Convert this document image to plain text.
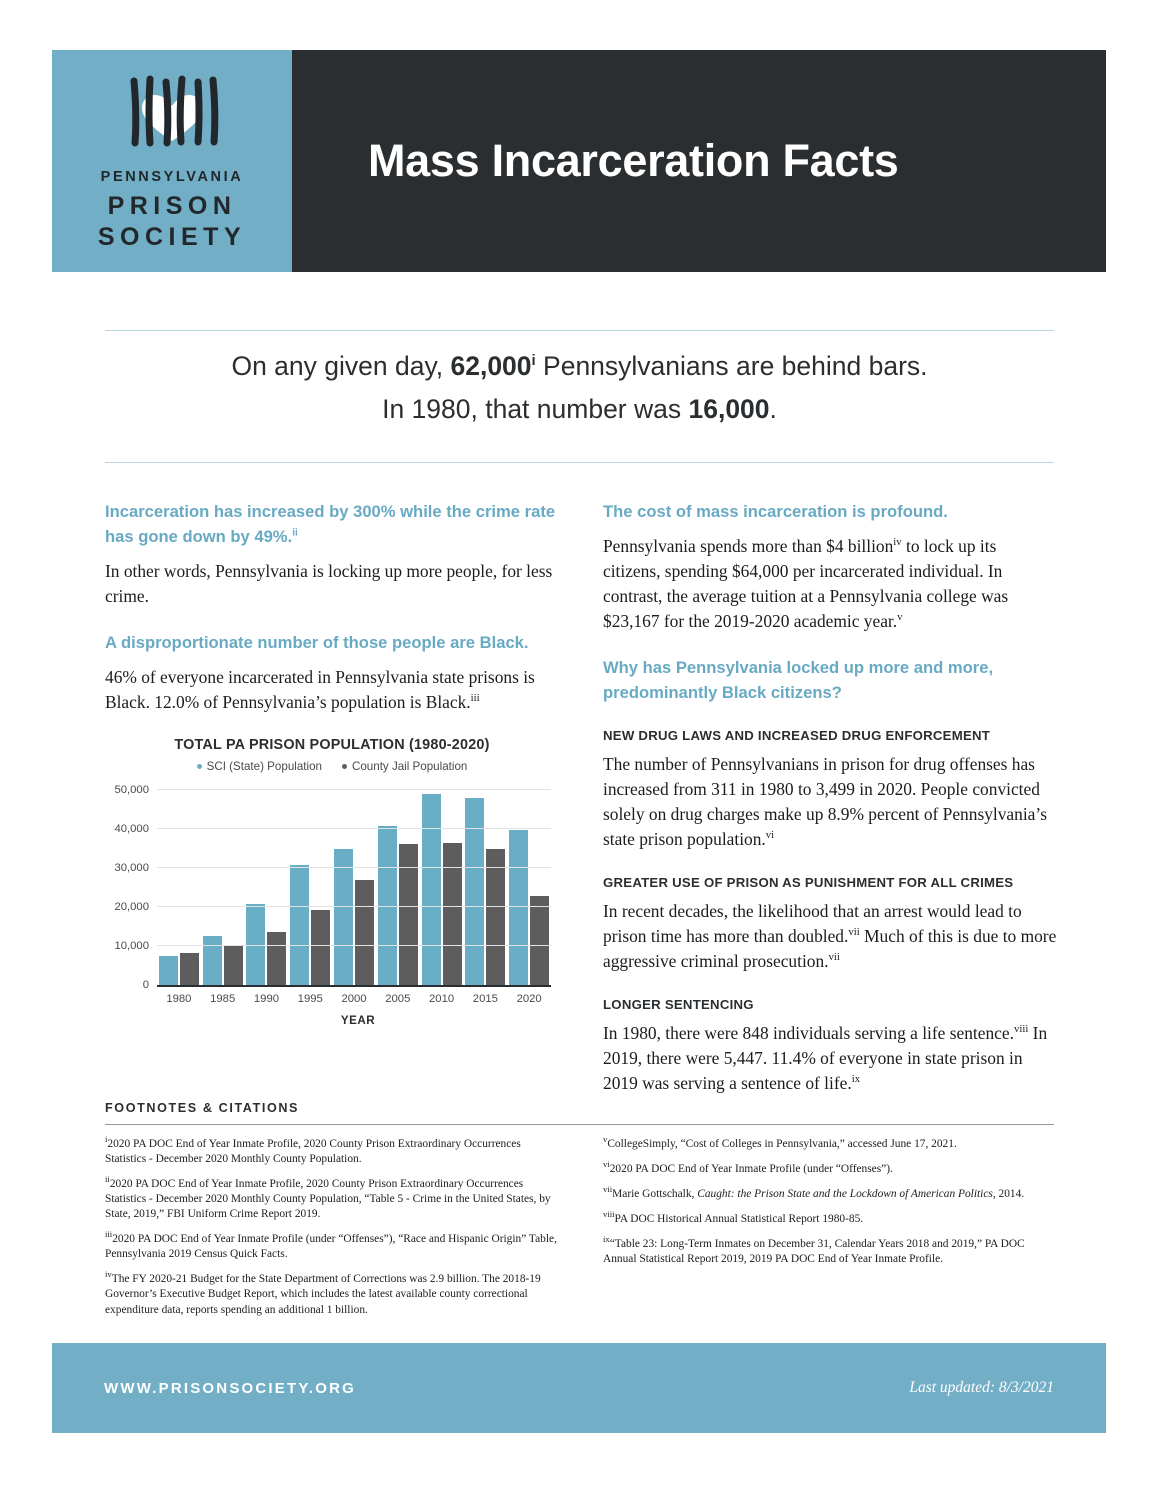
PENNSYLVANIA
PRISON
SOCIETY
Mass Incarceration Facts
On any given day, 62,000$^i$ Pennsylvanians are behind bars.
In 1980, that number was 16,000.
Incarceration has increased by 300% while the crime rate has gone down by 49%.$^{ii}$

In other words, Pennsylvania is locking up more people, for less crime.

A disproportionate number of those people are Black.

46% of everyone incarcerated in Pennsylvania state prisons is Black. 12.0% of Pennsylvania’s population is Black.$^{iii}$

TOTAL PA PRISON POPULATION (1980-2020)
SCI (State) Population	County Jail Population
0
10,000
20,000
30,000
40,000
50,000
1980	1985	1990	1995	2000	2005	2010	2015	2020
YEAR
The cost of mass incarceration is profound.

Pennsylvania spends more than $4 billion$^{iv}$ to lock up its citizens, spending $64,000 per incarcerated individual. In contrast, the average tuition at a Pennsylvania college was $23,167 for the 2019-2020 academic year.$^v$

Why has Pennsylvania locked up more and more, predominantly Black citizens?
NEW DRUG LAWS AND INCREASED DRUG ENFORCEMENT

The number of Pennsylvanians in prison for drug offenses has increased from 311 in 1980 to 3,499 in 2020. People convicted solely on drug charges make up 8.9% percent of Pennsylvania’s state prison population.$^{vi}$

GREATER USE OF PRISON AS PUNISHMENT FOR ALL CRIMES

In recent decades, the likelihood that an arrest would lead to prison time has more than doubled.$^{vii}$ Much of this is due to more aggressive criminal prosecution.$^{vii}$

LONGER SENTENCING

In 1980, there were 848 individuals serving a life sentence.$^{viii}$ In 2019, there were 5,447. 11.4% of everyone in state prison in 2019 was serving a sentence of life.$^{ix}$

FOOTNOTES & CITATIONS

$^i$2020 PA DOC End of Year Inmate Profile, 2020 County Prison Extraordinary Occurrences Statistics - December 2020 Monthly County Population.

$^{ii}$2020 PA DOC End of Year Inmate Profile, 2020 County Prison Extraordinary Occurrences Statistics - December 2020 Monthly County Population, “Table 5 - Crime in the United States, by State, 2019,” FBI Uniform Crime Report 2019.

$^{iii}$2020 PA DOC End of Year Inmate Profile (under “Offenses”), “Race and Hispanic Origin” Table, Pennsylvania 2019 Census Quick Facts.

$^{iv}$The FY 2020-21 Budget for the State Department of Corrections was 2.9 billion. The 2018-19 Governor’s Executive Budget Report, which includes the latest available county correctional expenditure data, reports spending an additional 1 billion.

$^v$CollegeSimply, “Cost of Colleges in Pennsylvania,” accessed June 17, 2021.

$^{vi}$2020 PA DOC End of Year Inmate Profile (under “Offenses”).

$^{vii}$Marie Gottschalk, Caught: the Prison State and the Lockdown of American Politics, 2014.

$^{viii}$PA DOC Historical Annual Statistical Report 1980-85.

$^{ix}$“Table 23: Long-Term Inmates on December 31, Calendar Years 2018 and 2019,” PA DOC Annual Statistical Report 2019, 2019 PA DOC End of Year Inmate Profile.

WWW.PRISONSOCIETY.ORG	Last updated: 8/3/2021
